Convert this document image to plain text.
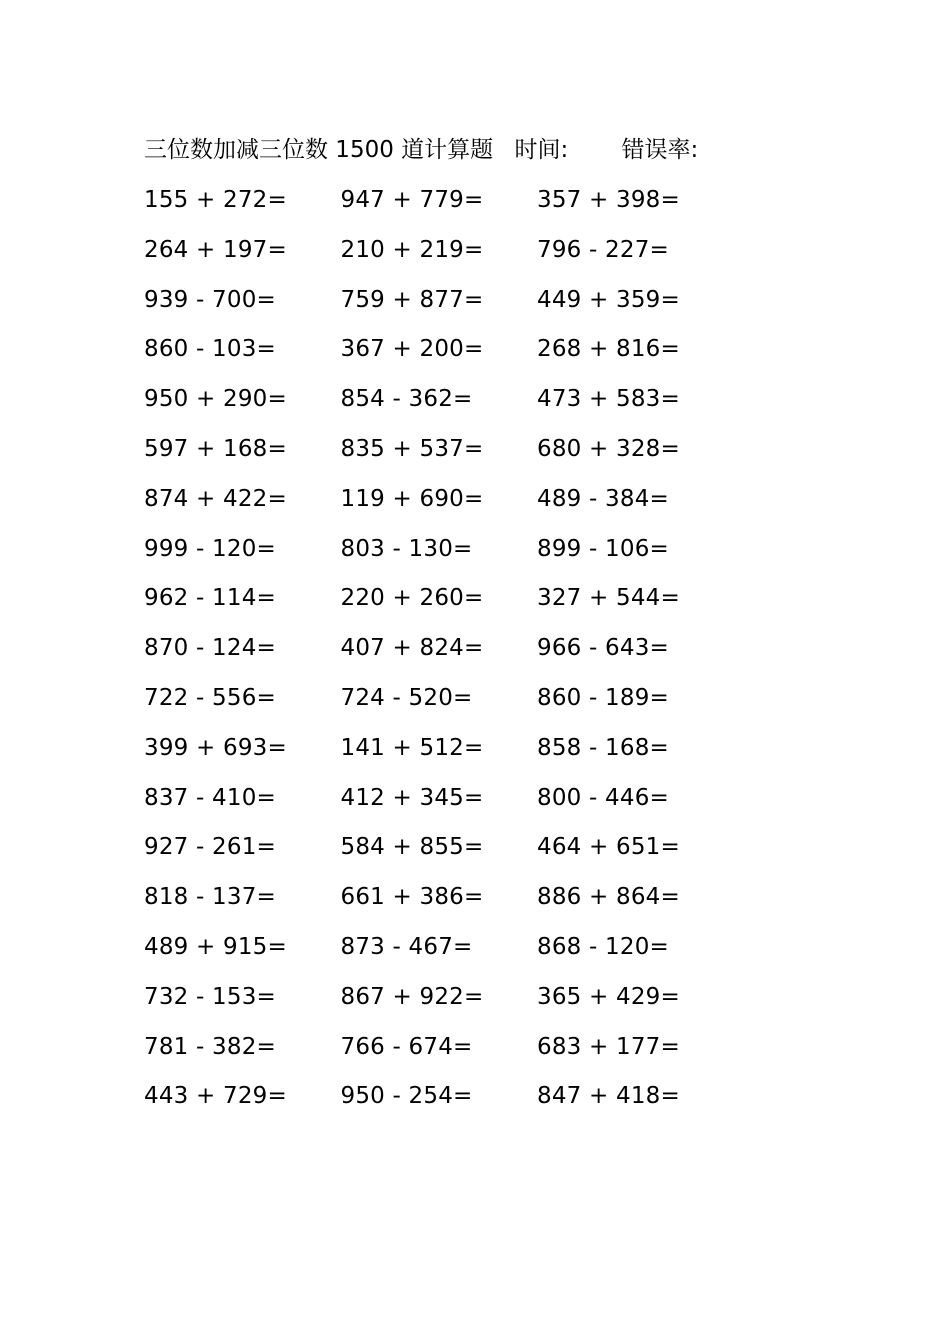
三位数加减三位数 1500 道计算题 时间: 错误率:
155 + 272=	947 + 779=	357 + 398=
264 + 197=	210 + 219=	796 - 227=
939 - 700=	759 + 877=	449 + 359=
860 - 103=	367 + 200=	268 + 816=
950 + 290=	854 - 362=	473 + 583=
597 + 168=	835 + 537=	680 + 328=
874 + 422=	119 + 690=	489 - 384=
999 - 120=	803 - 130=	899 - 106=
962 - 114=	220 + 260=	327 + 544=
870 - 124=	407 + 824=	966 - 643=
722 - 556=	724 - 520=	860 - 189=
399 + 693=	141 + 512=	858 - 168=
837 - 410=	412 + 345=	800 - 446=
927 - 261=	584 + 855=	464 + 651=
818 - 137=	661 + 386=	886 + 864=
489 + 915=	873 - 467=	868 - 120=
732 - 153=	867 + 922=	365 + 429=
781 - 382=	766 - 674=	683 + 177=
443 + 729=	950 - 254=	847 + 418=
